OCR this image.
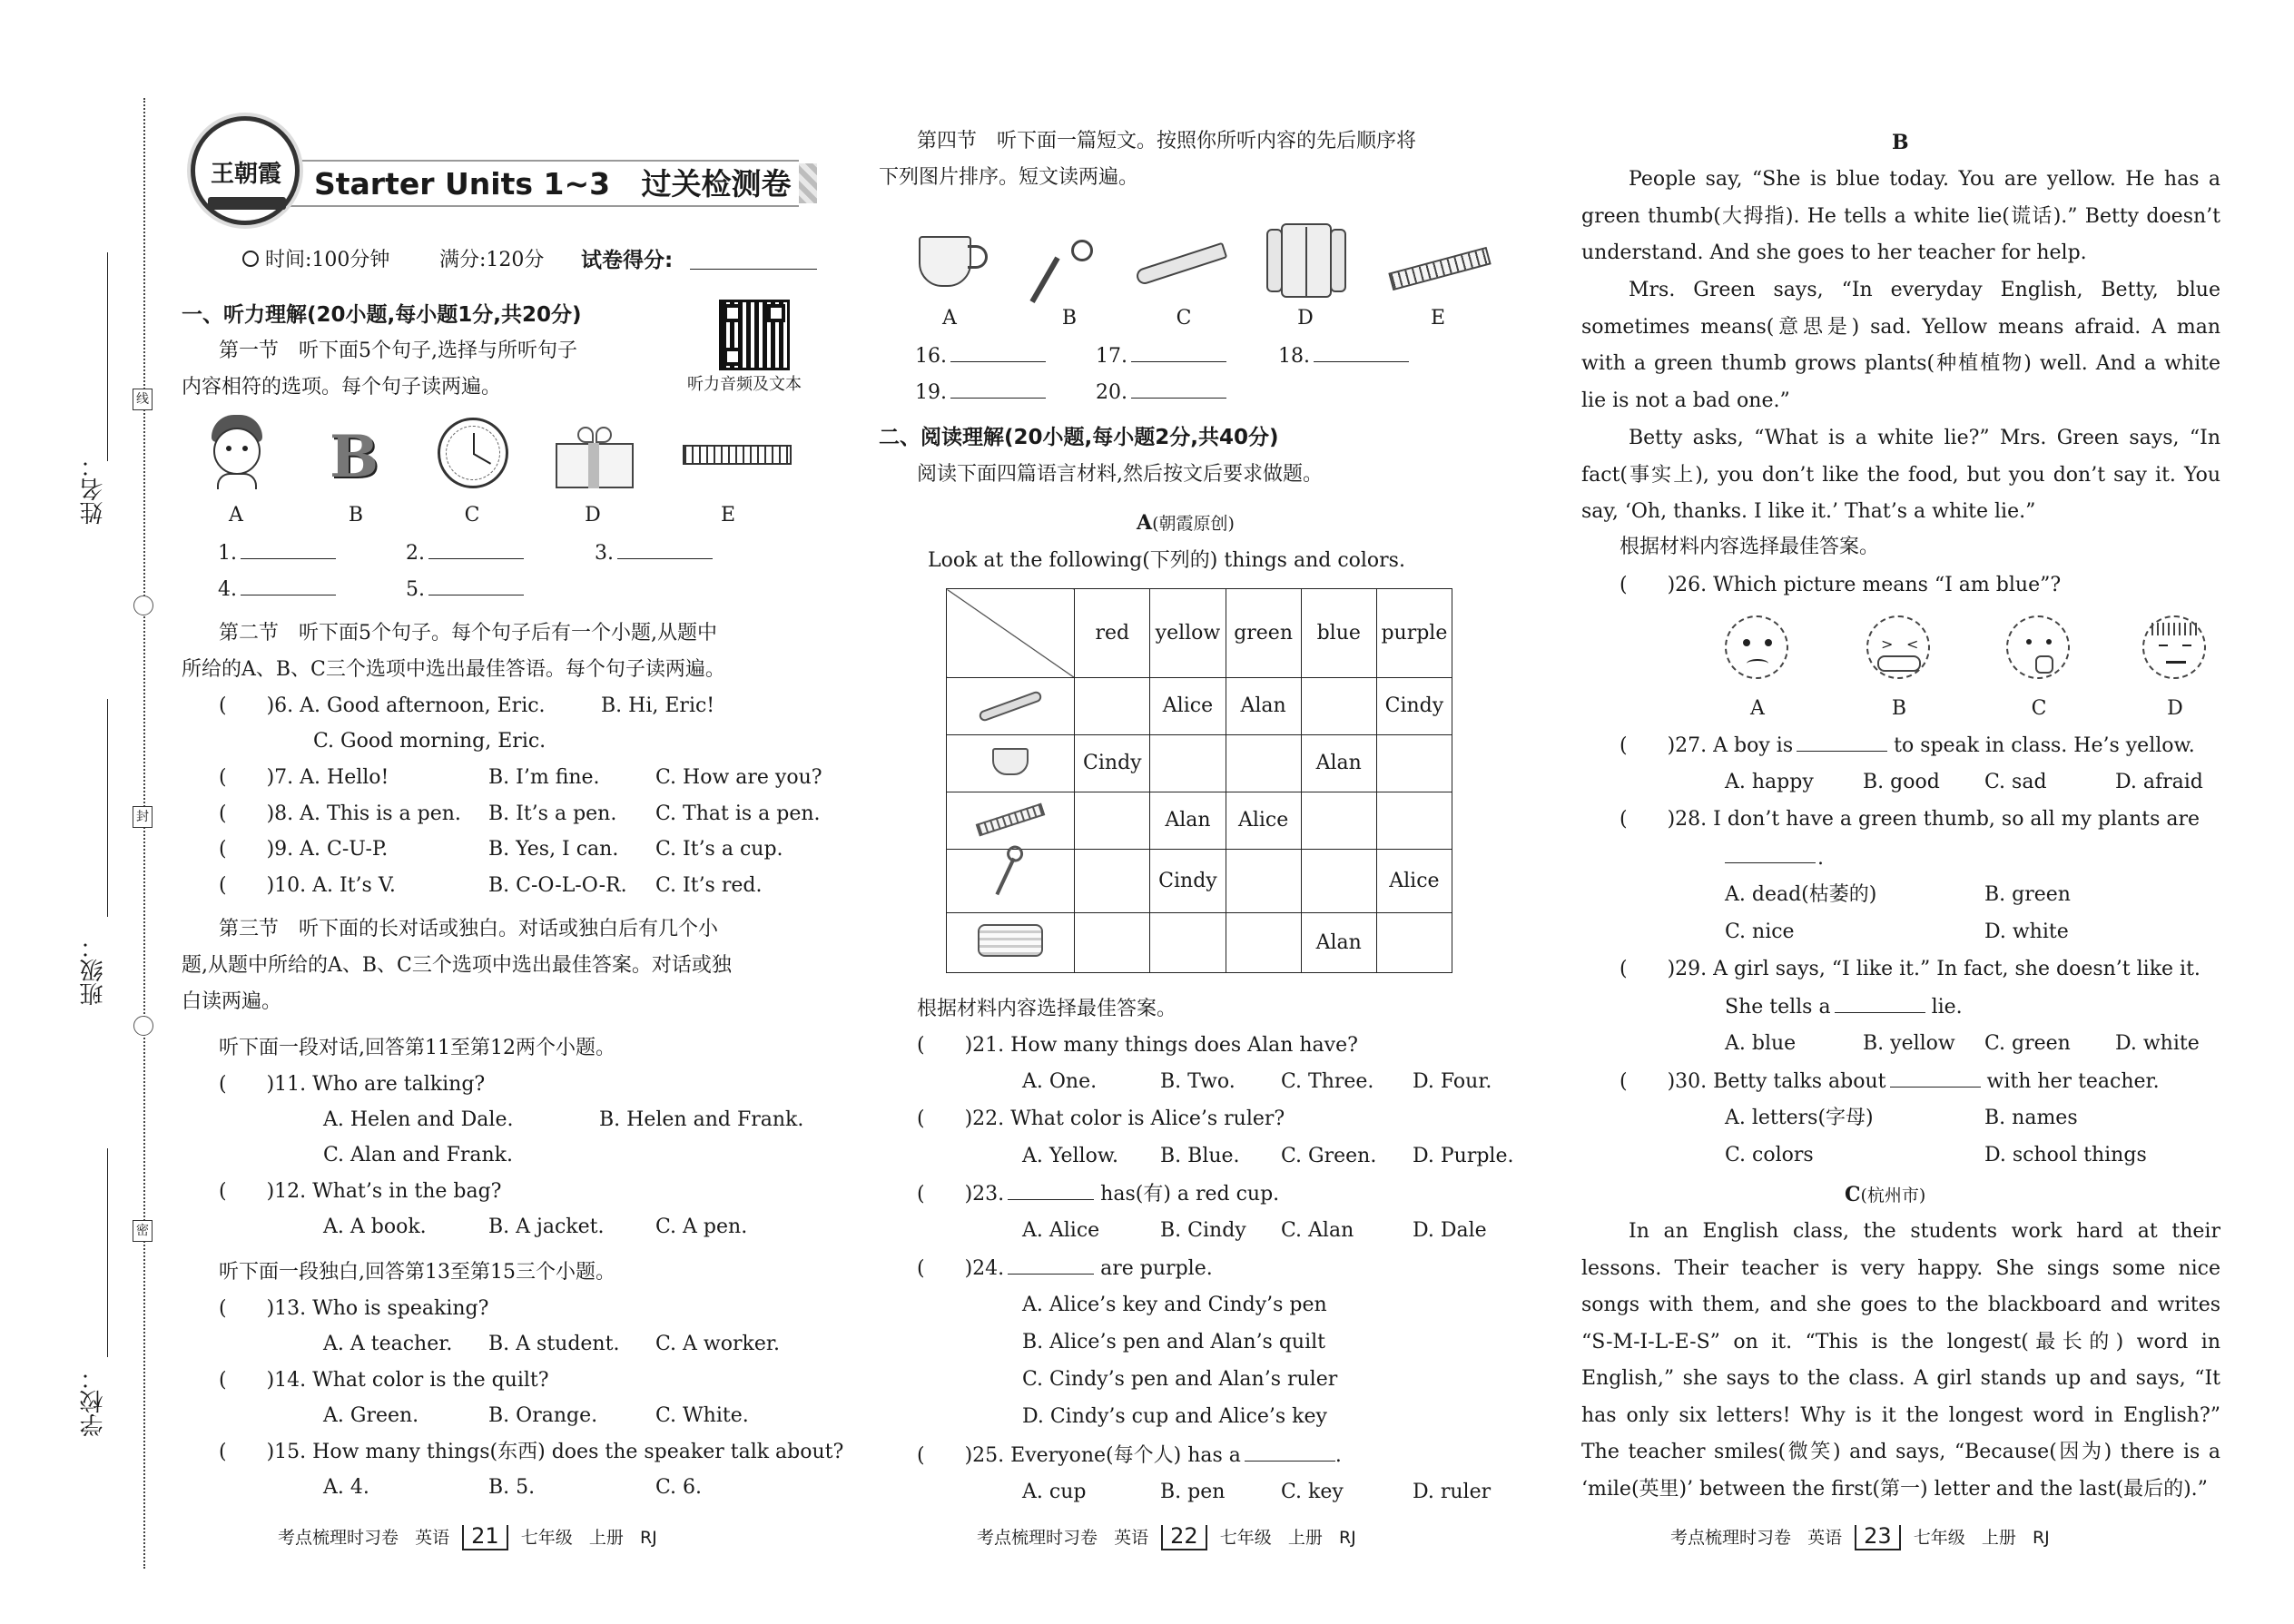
线
封
密
姓名：
班级：
学校：
王朝霞	Starter Units 1~3   过关检测卷
时间:100分钟 满分:120分 试卷得分:
听力音频及文本
一、听力理解(20小题,每小题1分,共20分)
第一节　听下面5个句子,选择与所听句子
内容相符的选项。每个句子读两遍。
B
A	B	C	D	E
1.	2.	3.
4.	5.
第二节　听下面5个句子。每个句子后有一个小题,从题中
所给的A、B、C三个选项中选出最佳答语。每个句子读两遍。
(　　)6. A. Good afternoon, Eric.	B. Hi, Eric!
C. Good morning, Eric.
(　　)7. A. Hello!	B. I’m fine.	C. How are you?
(　　)8. A. This is a pen. B. It’s a pen. C. That is a pen.
(　　)9. A. C-U-P.	B. Yes, I can. C. It’s a cup.
(　　)10. A. It’s V.	B. C-O-L-O-R. C. It’s red.
第三节　听下面的长对话或独白。对话或独白后有几个小
题,从题中所给的A、B、C三个选项中选出最佳答案。对话或独
白读两遍。
听下面一段对话,回答第11至第12两个小题。
(　　)11. Who are talking?
A. Helen and Dale.	B. Helen and Frank.
C. Alan and Frank.
(　　)12. What’s in the bag?
A. A book.	B. A jacket.	C. A pen.
听下面一段独白,回答第13至第15三个小题。
(　　)13. Who is speaking?
A. A teacher. B. A student. C. A worker.
(　　)14. What color is the quilt?
A. Green.	B. Orange.	C. White.
(　　)15. How many things(东西) does the speaker talk about?
A. 4.	B. 5.	C. 6.
考点梳理时习卷 英语 21 七年级 上册 RJ
第四节　听下面一篇短文。按照你所听内容的先后顺序将
下列图片排序。短文读两遍。
A	B	C	D	E
16.	17.	18.
19.	20.
二、阅读理解(20小题,每小题2分,共40分)
阅读下面四篇语言材料,然后按文后要求做题。
A(朝霞原创)
Look at the following(下列的) things and colors.
	red	yellow	green	blue	purple
		Alice	Alan		Cindy
	Cindy			Alan	
		Alan	Alice		

		Cindy			Alice
				Alan	
根据材料内容选择最佳答案。
(　　)21. How many things does Alan have?
A. One.	B. Two. C. Three. D. Four.
(　　)22. What color is Alice’s ruler?
A. Yellow. B. Blue. C. Green. D. Purple.
(　　)23.	has(有) a red cup.
A. Alice	B. Cindy C. Alan	D. Dale
(　　)24.	are purple.
A. Alice’s key and Cindy’s pen
B. Alice’s pen and Alan’s quilt
C. Cindy’s pen and Alan’s ruler
D. Cindy’s cup and Alice’s key
(　　)25. Everyone(每个人) has a	.
A. cup	B. pen	C. key	D. ruler
考点梳理时习卷 英语 22 七年级 上册 RJ
B
People say, “She is blue today. You are yellow. He has a green thumb(大拇指). He tells a white lie(谎话).” Betty doesn’t understand. And she goes to her teacher for help.
Mrs. Green says, “In everyday English, Betty, blue sometimes means(意思是) sad. Yellow means afraid. A man with a green thumb grows plants(种植植物) well. And a white lie is not a bad one.”
Betty asks, “What is a white lie?” Mrs. Green says, “In fact(事实上), you don’t like the food, but you don’t say it. You say, ‘Oh, thanks. I like it.’ That’s a white lie.”
根据材料内容选择最佳答案。
(　　)26. Which picture means “I am blue”?
> <
A	B	C	D
(　　)27. A boy is	to speak in class. He’s yellow.
A. happy B. good C. sad	D. afraid
(　　)28. I don’t have a green thumb, so all my plants are
.
A. dead(枯萎的)	B. green
C. nice	D. white
(　　)29. A girl says, “I like it.” In fact, she doesn’t like it.
She tells a	lie.
A. blue	B. yellow C. green D. white
(　　)30. Betty talks about	with her teacher.
A. letters(字母)	B. names
C. colors	D. school things
C(杭州市)
In an English class, the students work hard at their lessons. Their teacher is very happy. She sings some nice songs with them, and she goes to the blackboard and writes “S-M-I-L-E-S” on it. “This is the longest(最长的) word in English,” she says to the class. A girl stands up and says, “It has only six letters! Why is it the longest word in English?” The teacher smiles(微笑) and says, “Because(因为) there is a ‘mile(英里)’ between the first(第一) letter and the last(最后的).”
考点梳理时习卷 英语 23 七年级 上册 RJ
